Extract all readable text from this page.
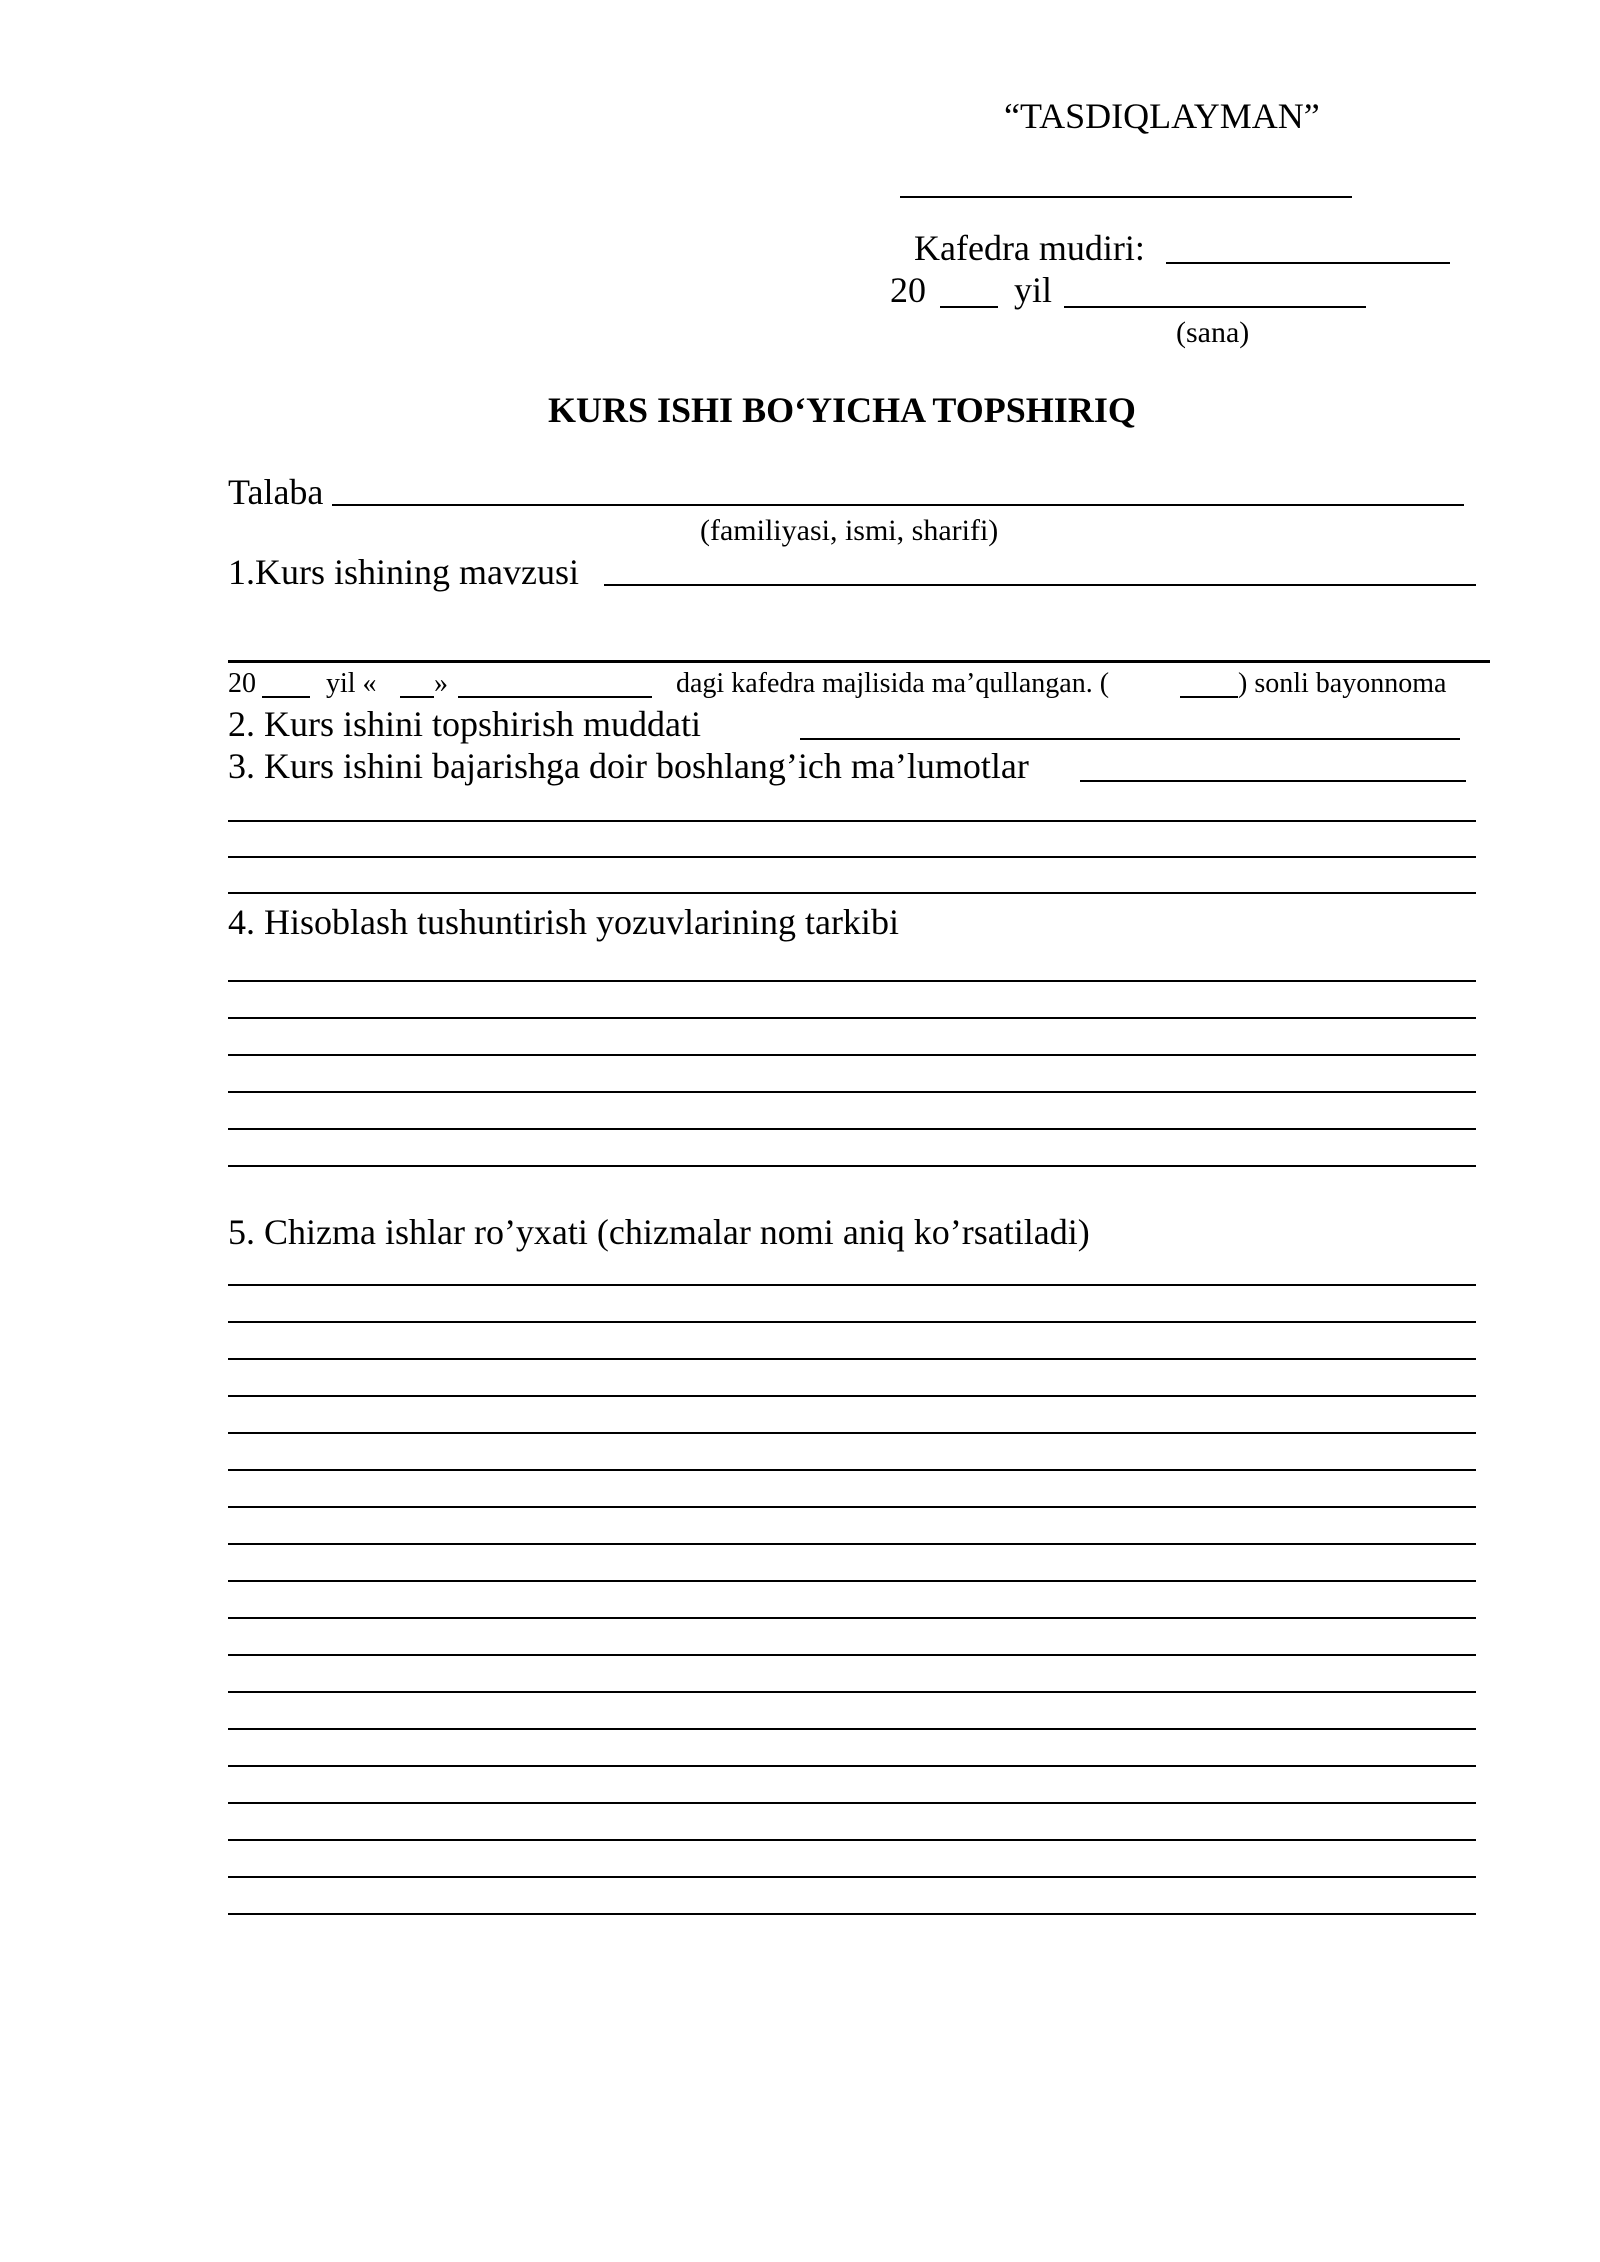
“TASDIQLAYMAN”
Kafedra mudiri:
20 yil
(sana)
KURS ISHI BO‘YICHA TOPSHIRIQ
Talaba
(familiyasi, ismi, sharifi)
1.Kurs ishining mavzusi
20	yil « »	dagi kafedra majlisida ma’qullangan. (	) sonli bayonnoma
2. Kurs ishini topshirish muddati
3. Kurs ishini bajarishga doir boshlang’ich ma’lumotlar
4. Hisoblash tushuntirish yozuvlarining tarkibi
5. Chizma ishlar ro’yxati (chizmalar nomi aniq ko’rsatiladi)
